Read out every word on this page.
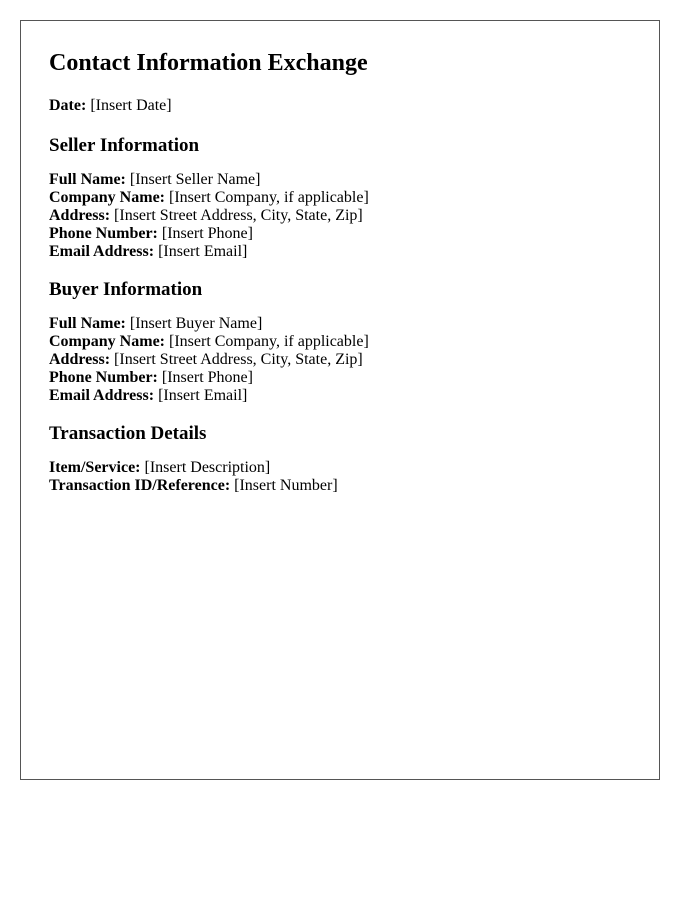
Contact Information Exchange

Date: [Insert Date]

Seller Information

Full Name: [Insert Seller Name]

Company Name: [Insert Company, if applicable]

Address: [Insert Street Address, City, State, Zip]

Phone Number: [Insert Phone]

Email Address: [Insert Email]

Buyer Information

Full Name: [Insert Buyer Name]

Company Name: [Insert Company, if applicable]

Address: [Insert Street Address, City, State, Zip]

Phone Number: [Insert Phone]

Email Address: [Insert Email]

Transaction Details

Item/Service: [Insert Description]

Transaction ID/Reference: [Insert Number]
